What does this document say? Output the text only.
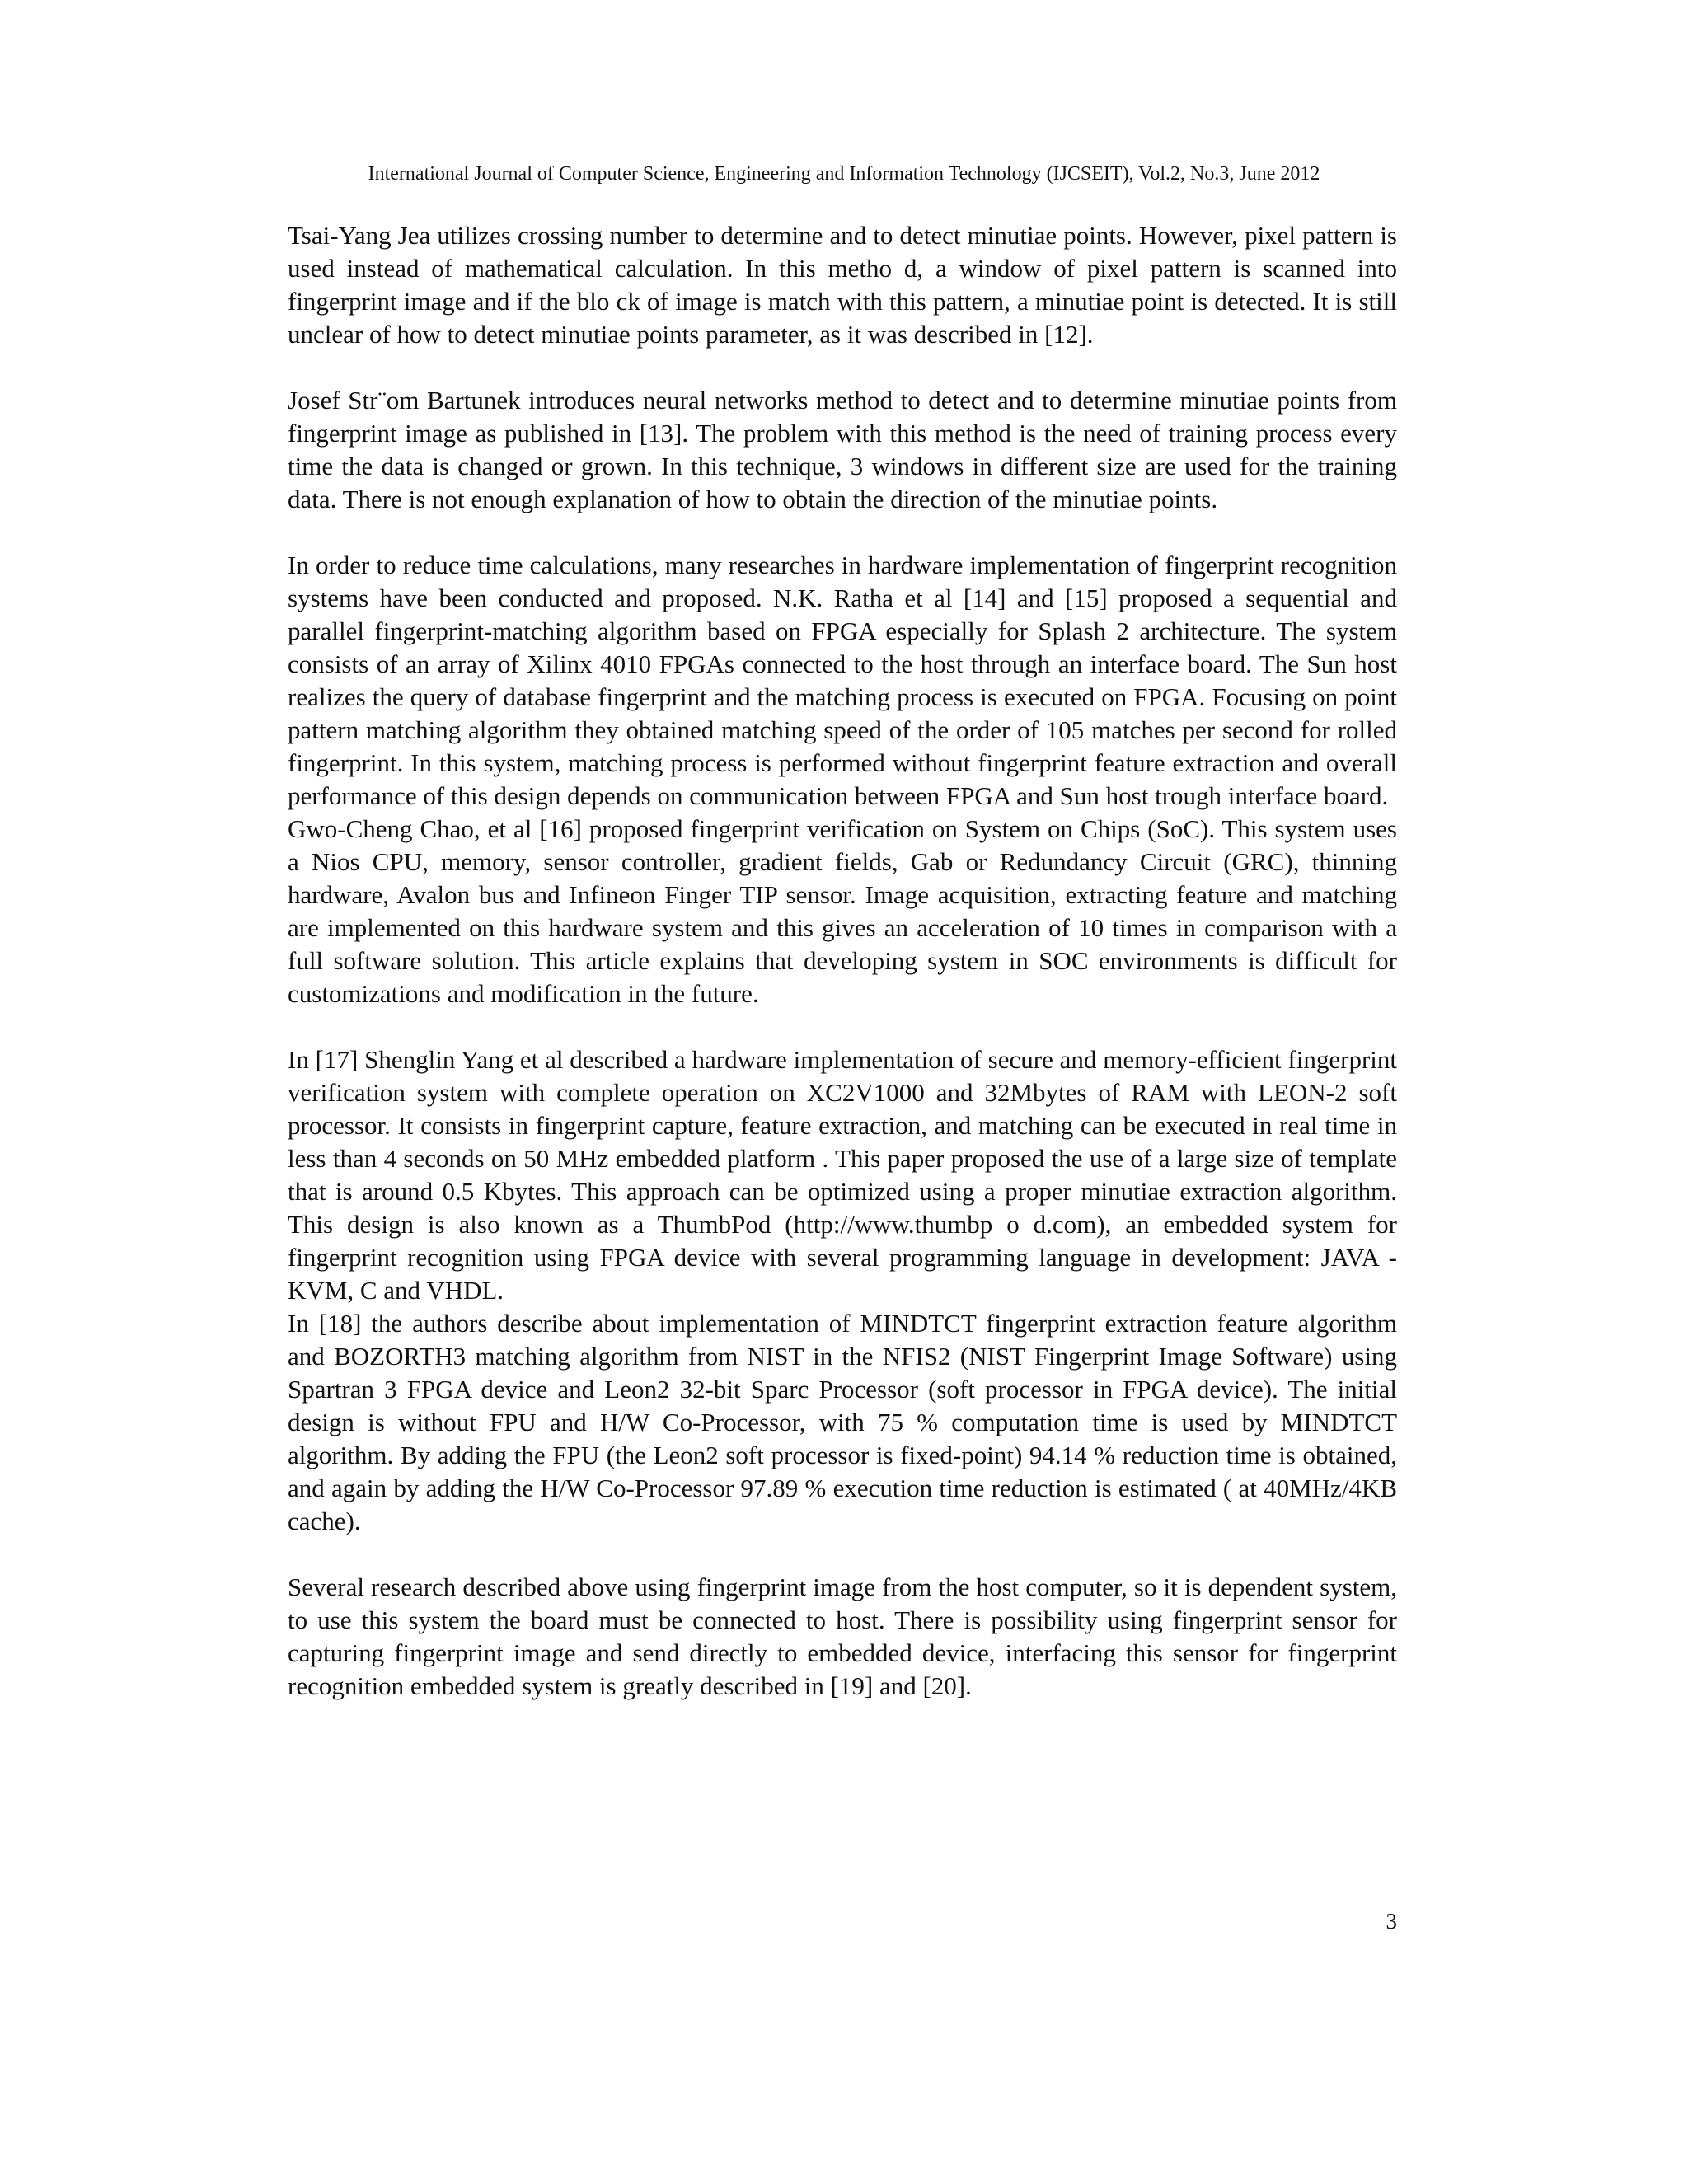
International Journal of Computer Science, Engineering and Information Technology (IJCSEIT), Vol.2, No.3, June 2012

Tsai-Yang Jea utilizes crossing number to determine and to detect minutiae points. However, pixel pattern is used instead of mathematical calculation. In this metho d, a window of pixel pattern is scanned into fingerprint image and if the blo ck of image is match with this pattern, a minutiae point is detected. It is still unclear of how to detect minutiae points parameter, as it was described in [12].

Josef Str¨om Bartunek introduces neural networks method to detect and to determine minutiae points from fingerprint image as published in [13]. The problem with this method is the need of training process every time the data is changed or grown. In this technique, 3 windows in different size are used for the training data. There is not enough explanation of how to obtain the direction of the minutiae points.

In order to reduce time calculations, many researches in hardware implementation of fingerprint recognition systems have been conducted and proposed. N.K. Ratha et al [14] and [15] proposed a sequential and parallel fingerprint-matching algorithm based on FPGA especially for Splash 2 architecture. The system consists of an array of Xilinx 4010 FPGAs connected to the host through an interface board. The Sun host realizes the query of database fingerprint and the matching process is executed on FPGA. Focusing on point pattern matching algorithm they obtained matching speed of the order of 105 matches per second for rolled fingerprint. In this system, matching process is performed without fingerprint feature extraction and overall performance of this design depends on communication between FPGA and Sun host trough interface board.

Gwo-Cheng Chao, et al [16] proposed fingerprint verification on System on Chips (SoC). This system uses a Nios CPU, memory, sensor controller, gradient fields, Gab or Redundancy Circuit (GRC), thinning hardware, Avalon bus and Infineon Finger TIP sensor. Image acquisition, extracting feature and matching are implemented on this hardware system and this gives an acceleration of 10 times in comparison with a full software solution. This article explains that developing system in SOC environments is difficult for customizations and modification in the future.

In [17] Shenglin Yang et al described a hardware implementation of secure and memory-efficient fingerprint verification system with complete operation on XC2V1000 and 32Mbytes of RAM with LEON-2 soft processor. It consists in fingerprint capture, feature extraction, and matching can be executed in real time in less than 4 seconds on 50 MHz embedded platform . This paper proposed the use of a large size of template that is around 0.5 Kbytes. This approach can be optimized using a proper minutiae extraction algorithm. This design is also known as a ThumbPod (http://www.thumbp o d.com), an embedded system for fingerprint recognition using FPGA device with several programming language in development: JAVA - KVM, C and VHDL.

In [18] the authors describe about implementation of MINDTCT fingerprint extraction feature algorithm and BOZORTH3 matching algorithm from NIST in the NFIS2 (NIST Fingerprint Image Software) using Spartran 3 FPGA device and Leon2 32-bit Sparc Processor (soft processor in FPGA device). The initial design is without FPU and H/W Co-Processor, with 75 % computation time is used by MINDTCT algorithm. By adding the FPU (the Leon2 soft processor is fixed-point) 94.14 % reduction time is obtained, and again by adding the H/W Co-Processor 97.89 % execution time reduction is estimated ( at 40MHz/4KB cache).

Several research described above using fingerprint image from the host computer, so it is dependent system, to use this system the board must be connected to host. There is possibility using fingerprint sensor for capturing fingerprint image and send directly to embedded device, interfacing this sensor for fingerprint recognition embedded system is greatly described in [19] and [20].

3
